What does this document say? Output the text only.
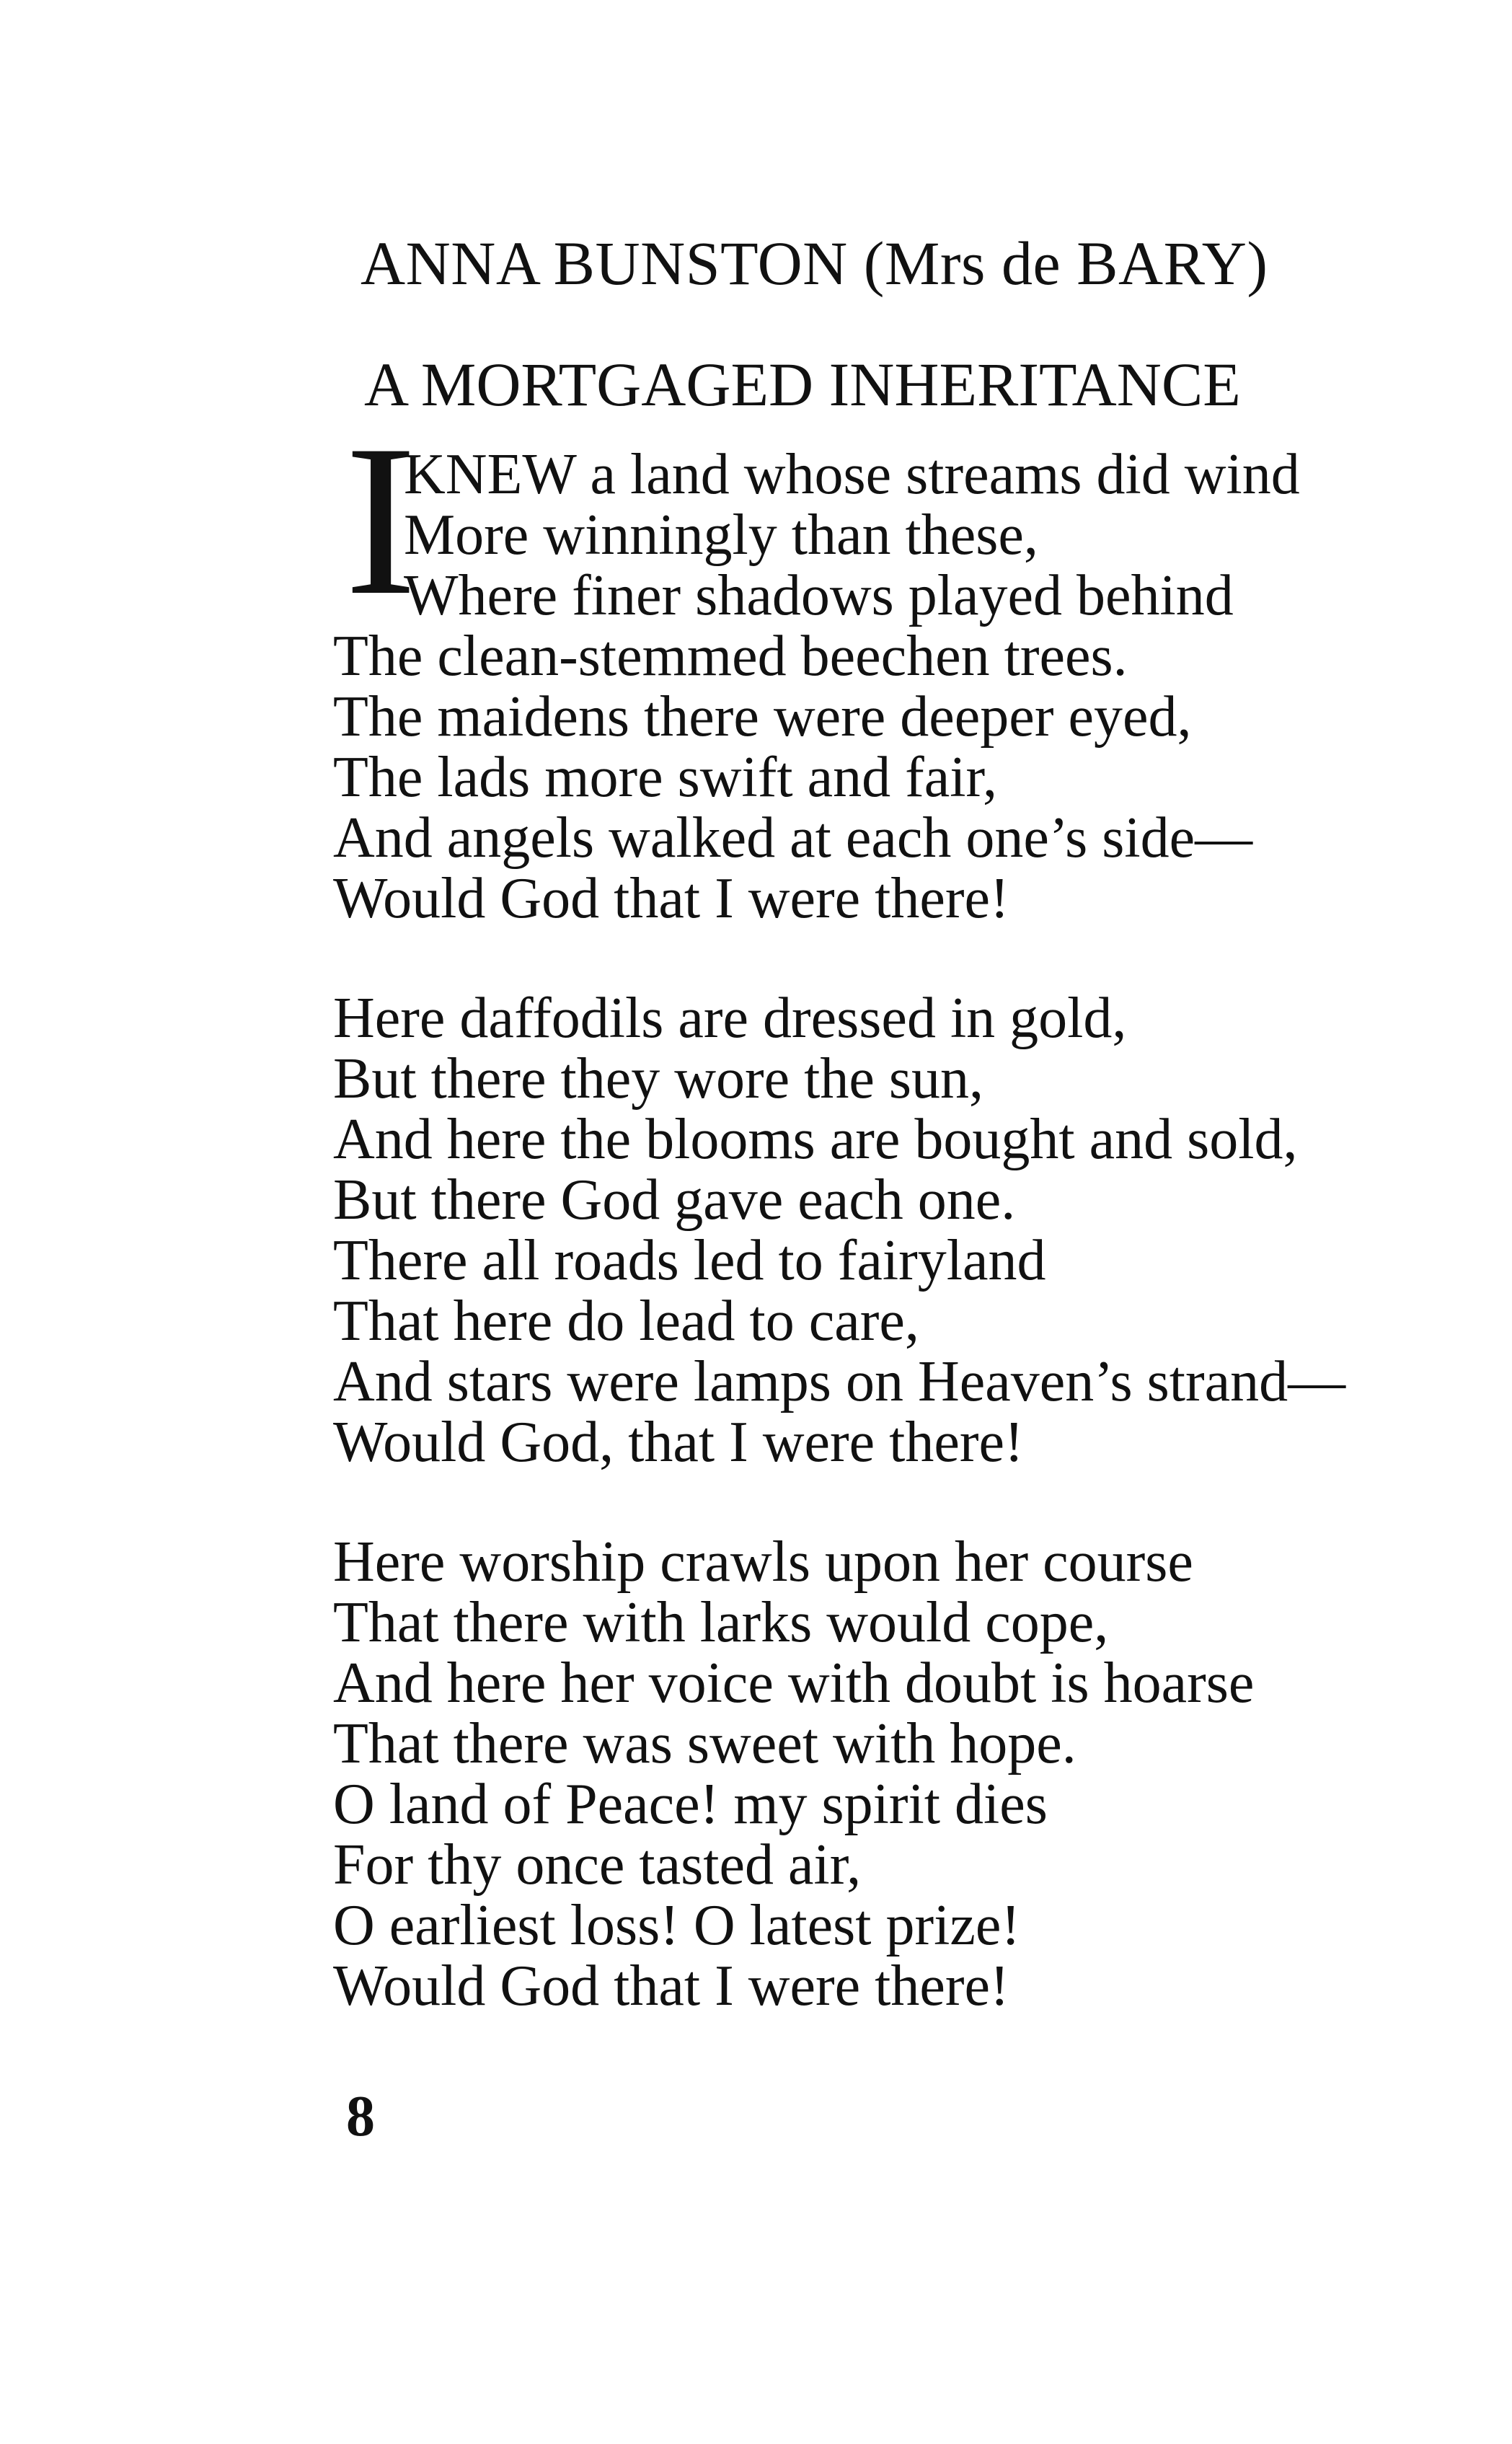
ANNA BUNSTON (Mrs de BARY)
A MORTGAGED INHERITANCE
I
KNEW a land whose streams did wind
More winningly than these,
Where finer shadows played behind
The clean-stemmed beechen trees.
The maidens there were deeper eyed,
The lads more swift and fair,
And angels walked at each one’s side—
Would God that I were there!
Here daffodils are dressed in gold,
But there they wore the sun,
And here the blooms are bought and sold,
But there God gave each one.
There all roads led to fairyland
That here do lead to care,
And stars were lamps on Heaven’s strand—
Would God, that I were there!
Here worship crawls upon her course
That there with larks would cope,
And here her voice with doubt is hoarse
That there was sweet with hope.
O land of Peace! my spirit dies
For thy once tasted air,
O earliest loss! O latest prize!
Would God that I were there!
8
